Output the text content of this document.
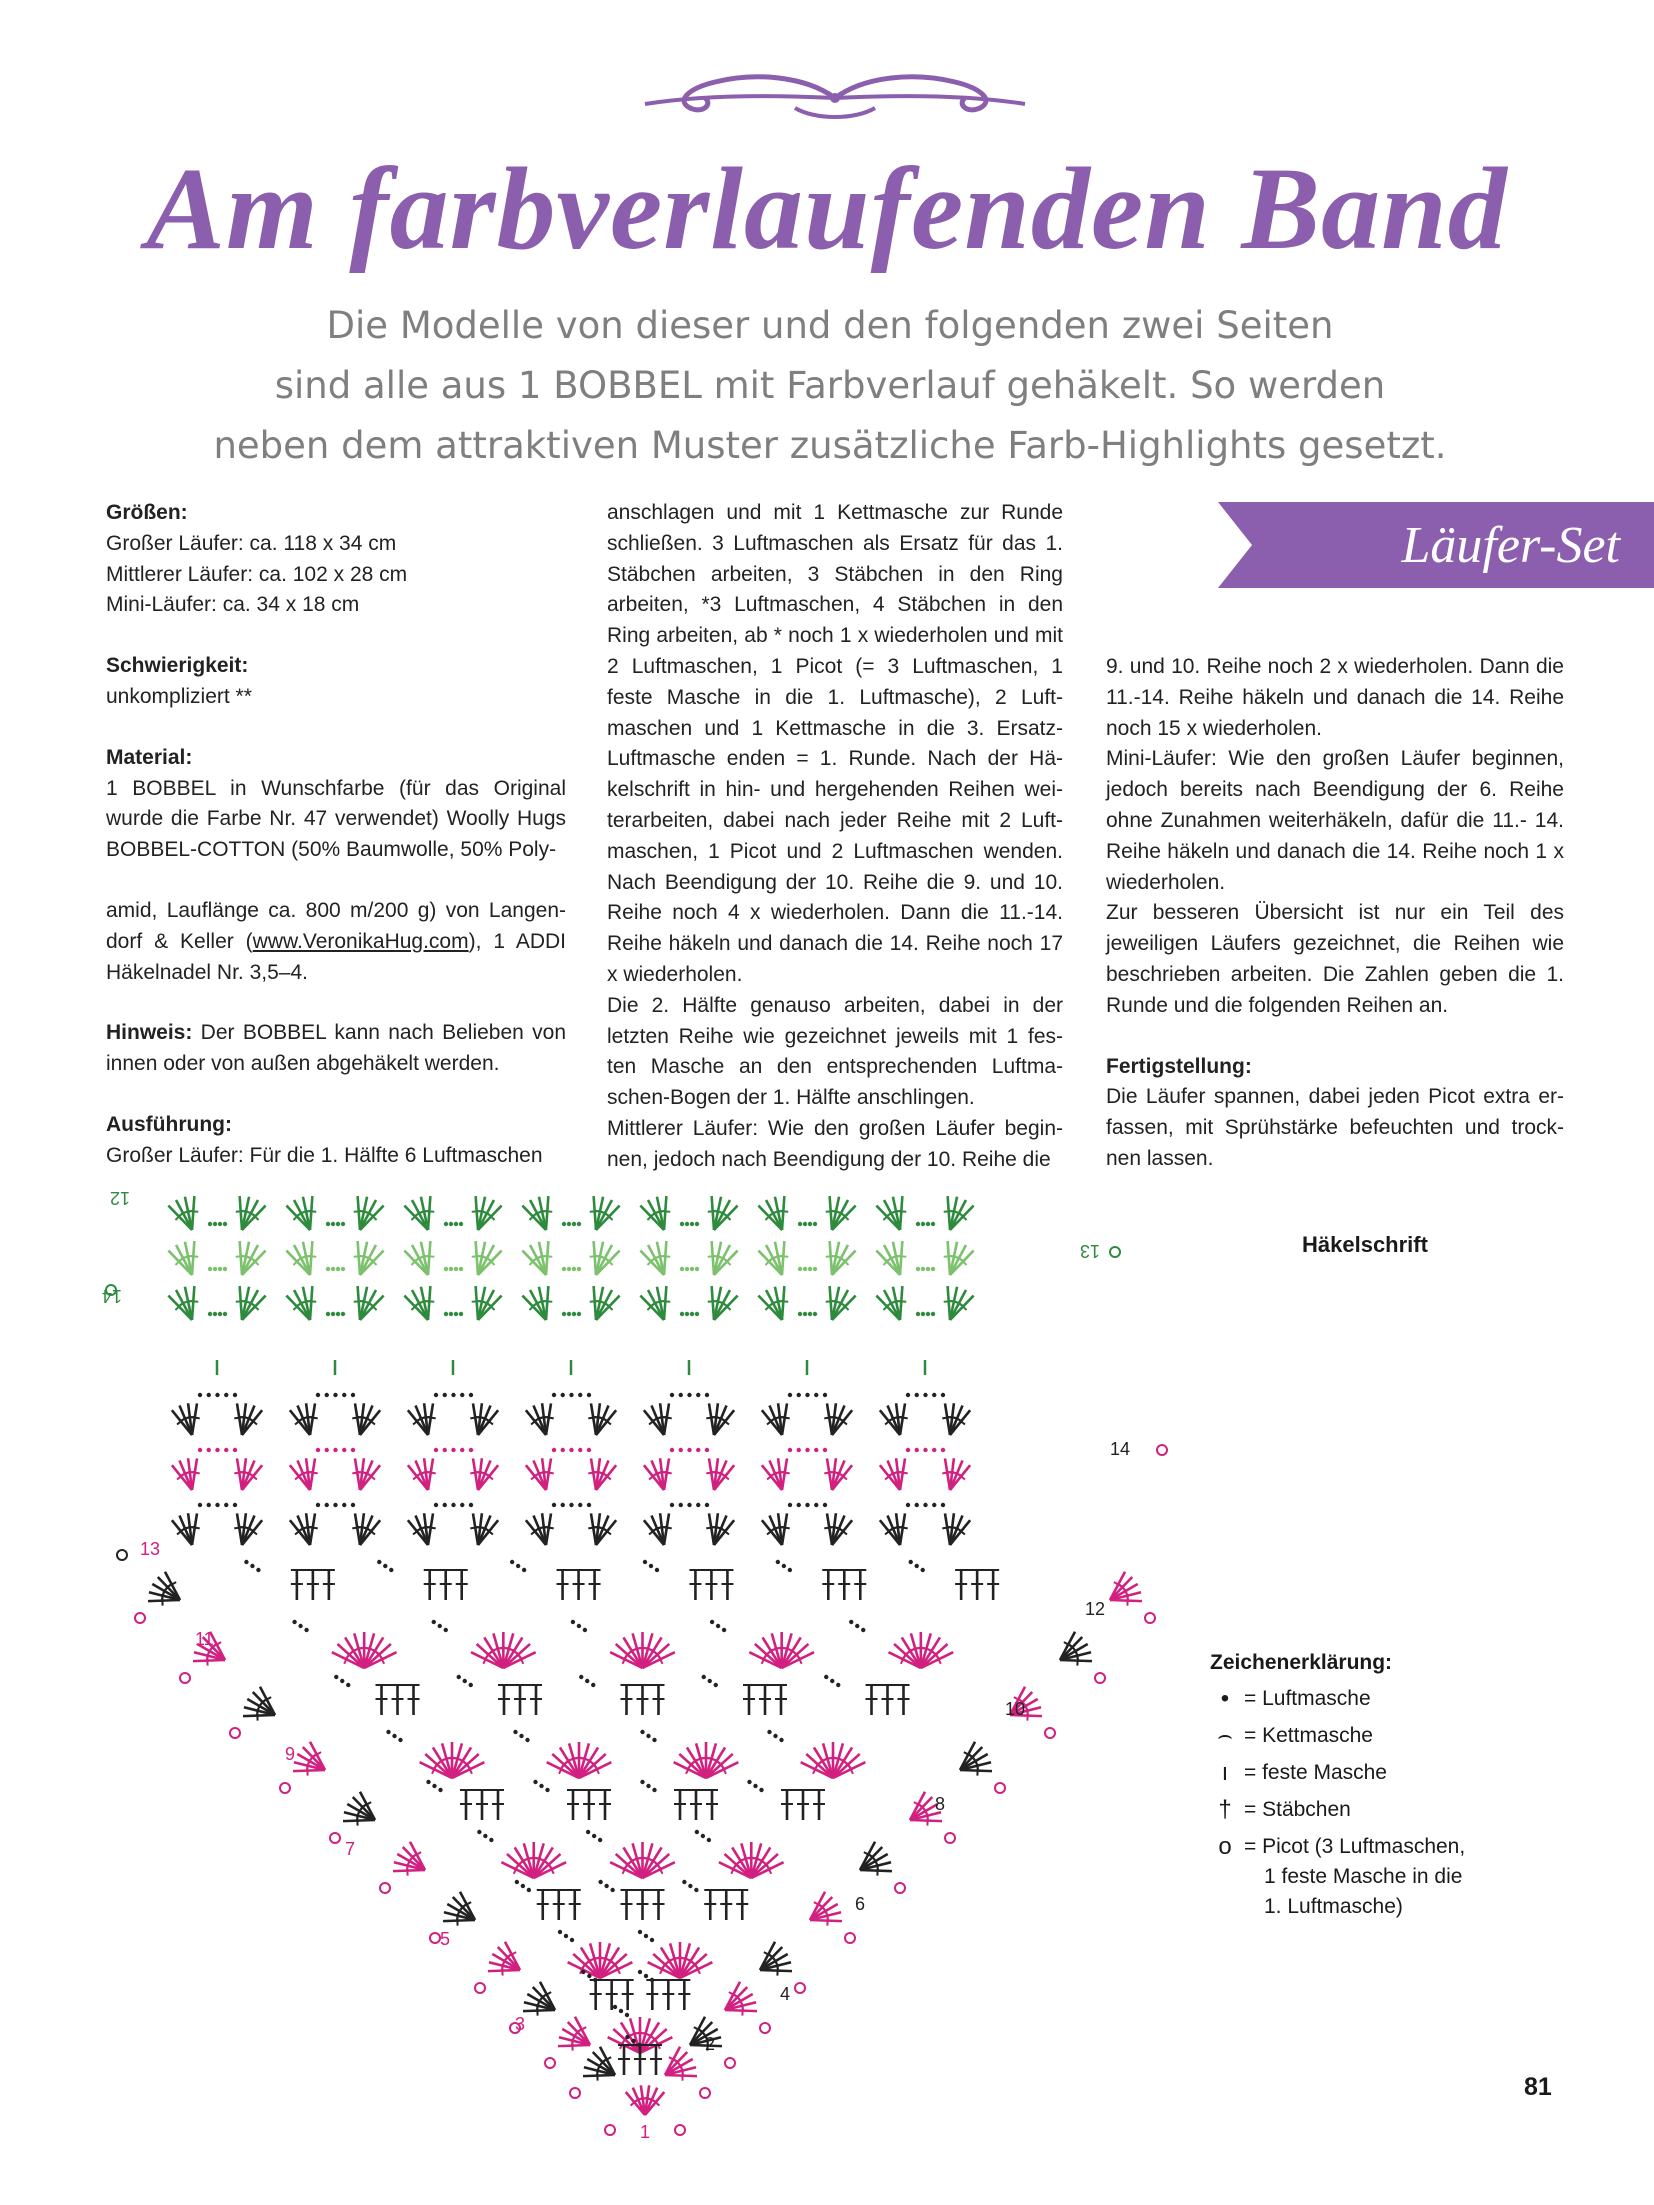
Am farbverlaufenden Band
Die Modelle von dieser und den folgenden zwei Seiten
sind alle aus 1 BOBBEL mit Farbverlauf gehäkelt. So werden
neben dem attraktiven Muster zusätzliche Farb-Highlights gesetzt.
Läufer-Set

Größen:

Großer Läufer: ca. 118 x 34 cm

Mittlerer Läufer: ca. 102 x 28 cm

Mini-Läufer: ca. 34 x 18 cm

Schwierigkeit:

unkompliziert **

Material:

1 BOBBEL in Wunschfarbe (für das Original wurde die Farbe Nr. 47 verwendet) Woolly Hugs BOBBEL-COTTON (50% Baumwolle, 50% Poly-

amid, Lauflänge ca. 800 m/200 g) von Langen-dorf & Keller (www.VeronikaHug.com), 1 ADDI Häkelnadel Nr. 3,5–4.

Hinweis: Der BOBBEL kann nach Belieben von innen oder von außen abgehäkelt werden.

Ausführung:

Großer Läufer: Für die 1. Hälfte 6 Luftmaschen

anschlagen und mit 1 Kettmasche zur Runde schließen. 3 Luftmaschen als Ersatz für das 1. Stäbchen arbeiten, 3 Stäbchen in den Ring arbeiten, *3 Luftmaschen, 4 Stäbchen in den Ring arbeiten, ab * noch 1 x wiederholen und mit 2 Luftmaschen, 1 Picot (= 3 Luftmaschen, 1 feste Masche in die 1. Luftmasche), 2 Luft-maschen und 1 Kettmasche in die 3. Ersatz-Luftmasche enden = 1. Runde. Nach der Hä-kelschrift in hin- und hergehenden Reihen wei-terarbeiten, dabei nach jeder Reihe mit 2 Luft-maschen, 1 Picot und 2 Luftmaschen wenden. Nach Beendigung der 10. Reihe die 9. und 10. Reihe noch 4 x wiederholen. Dann die 11.-14. Reihe häkeln und danach die 14. Reihe noch 17 x wiederholen.

Die 2. Hälfte genauso arbeiten, dabei in der letzten Reihe wie gezeichnet jeweils mit 1 fes-ten Masche an den entsprechenden Luftma-schen-Bogen der 1. Hälfte anschlingen.

Mittlerer Läufer: Wie den großen Läufer begin-nen, jedoch nach Beendigung der 10. Reihe die

9. und 10. Reihe noch 2 x wiederholen. Dann die 11.-14. Reihe häkeln und danach die 14. Reihe noch 15 x wiederholen.

Mini-Läufer: Wie den großen Läufer beginnen, jedoch bereits nach Beendigung der 6. Reihe ohne Zunahmen weiterhäkeln, dafür die 11.- 14. Reihe häkeln und danach die 14. Reihe noch 1 x wiederholen.

Zur besseren Übersicht ist nur ein Teil des jeweiligen Läufers gezeichnet, die Reihen wie beschrieben arbeiten. Die Zahlen geben die 1. Runde und die folgenden Reihen an.

Fertigstellung:

Die Läufer spannen, dabei jeden Picot extra er-fassen, mit Sprühstärke befeuchten und trock-nen lassen.

Häkelschrift
14
12
13
13
14
12
11
10
9
8
7
6
5
4
3
2
1
Zeichenerklärung:
• = Luftmasche
⌢ = Kettmasche
ı = feste Masche
† = Stäbchen
o = Picot (3 Luftmaschen,
1 feste Masche in die
1. Luftmasche)
81
